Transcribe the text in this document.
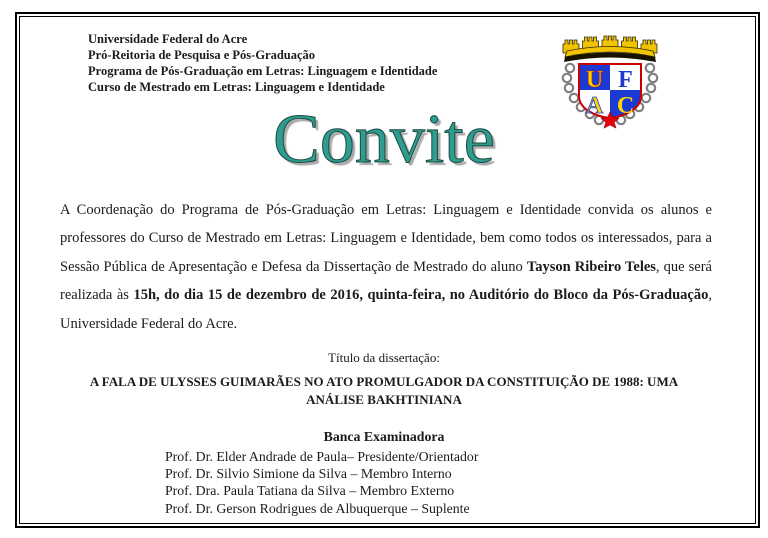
Universidade Federal do Acre
Pró-Reitoria de Pesquisa e Pós-Graduação
Programa de Pós-Graduação em Letras: Linguagem e Identidade
Curso de Mestrado em Letras: Linguagem e Identidade	U F
A C
Convite
A Coordenação do Programa de Pós-Graduação em Letras: Linguagem e Identidade convida os alunos e professores do Curso de Mestrado em Letras: Linguagem e Identidade, bem como todos os interessados, para a Sessão Pública de Apresentação e Defesa da Dissertação de Mestrado do aluno Tayson Ribeiro Teles, que será realizada às 15h, do dia 15 de dezembro de 2016, quinta-feira, no Auditório do Bloco da Pós-Graduação, Universidade Federal do Acre.
Título da dissertação:
A FALA DE ULYSSES GUIMARÃES NO ATO PROMULGADOR DA CONSTITUIÇÃO DE 1988: UMA ANÁLISE BAKHTINIANA
Banca Examinadora
Prof. Dr. Elder Andrade de Paula– Presidente/Orientador
Prof. Dr. Silvio Simione da Silva – Membro Interno
Prof. Dra. Paula Tatiana da Silva – Membro Externo
Prof. Dr. Gerson Rodrigues de Albuquerque – Suplente
